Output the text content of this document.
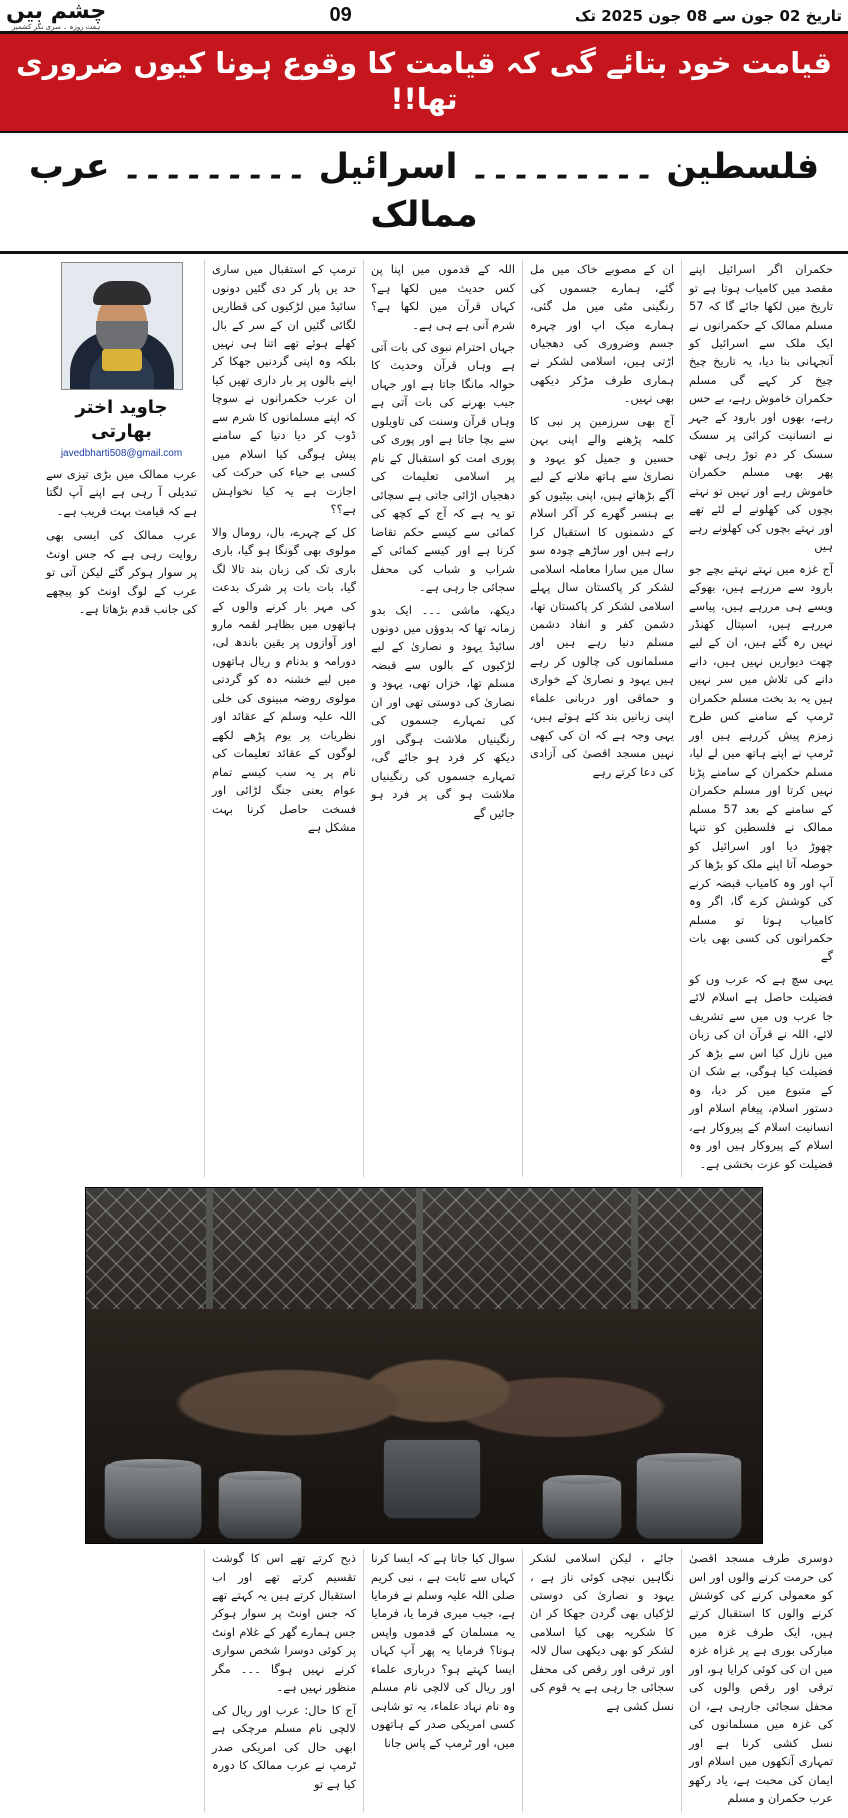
تاریخ 02 جون سے 08 جون 2025 تک
09
چشم بیں
ہفت روزہ ۔ سری نگر کشمیر
قیامت خود بتائے گی کہ قیامت کا وقوع ہونا کیوں ضروری تھا!!
فلسطین ۔۔۔۔۔۔۔۔۔ اسرائیل ۔۔۔۔۔۔۔۔۔ عرب ممالک

حکمران اگر اسرائیل اپنے مقصد میں کامیاب ہوتا ہے تو تاریخ میں لکھا جائے گا کہ 57 مسلم ممالک کے حکمرانوں نے ایک ملک سے اسرائیل کو آنجہانی بنا دیا، یہ تاریخ چیخ چیخ کر کہے گی مسلم حکمران خاموش رہے، بے حس رہے، بھوں اور بارود کے جہر نے انسانیت کرائی پر سسک سسک کر دم توڑ رہی تھی پھر بھی مسلم حکمران خاموش رہے اور نہیں تو نہتے بچوں کی کھلونے لے لئے تھے اور نہتے بچوں کی کھلونے رہے ہیں

آج غزہ میں نہتے نہتے بچے جو بارود سے مررہے ہیں، بھوکے ویسے ہی مررہے ہیں، پیاسے مررہے ہیں، اسپتال کھنڈر نہیں رہ گئے ہیں، ان کے لیے چھت دیواریں نہیں ہیں، دانے دانے کی تلاش میں سر نہیں ہیں یہ بد بخت مسلم حکمران ٹرمپ کے سامنے کس طرح زمزم پیش کررہے ہیں اور ٹرمپ نے اپنے ہاتھ میں لے لیا، مسلم حکمران کے سامنے پڑنا نہیں کرتا اور مسلم حکمران کے سامنے کے بعد 57 مسلم ممالک نے فلسطین کو تنہا چھوڑ دیا اور اسرائیل کو حوصلہ آتا اپنے ملک کو بڑھا کر آپ اور وہ کامیاب قبضہ کرنے کی کوشش کرے گا، اگر وہ کامیاب ہوتا تو مسلم حکمرانوں کی کسی بھی بات گے

یہی سچ ہے کہ عرب وں کو فضیلت حاصل ہے اسلام لائے جا عرب وں میں سے تشریف لائے، اللہ نے قرآن ان کی زبان میں نازل کیا اس سے بڑھ کر فضیلت کیا ہوگی، بے شک ان کے متبوع میں کر دیا، وہ دستور اسلام، پیغام اسلام اور انسانیت اسلام کے پیروکار ہے، اسلام کے پیروکار ہیں اور وہ فضیلت کو عزت بخشی ہے۔

ان کے مصوبے خاک میں مل گئے، ہمارے جسموں کی رنگینی مٹی میں مل گئی، ہمارے میک اپ اور چہرہ جسم وضروری کی دھجیاں اڑتی ہیں، اسلامی لشکر نے ہماری طرف مڑکر دیکھی بھی نہیں۔

آج بھی سرزمین پر نبی کا کلمہ پڑھنے والے اپنی بہن حسین و جمیل کو یہود و نصاریٰ سے ہاتھ ملانے کے لیے آگے بڑھاتے ہیں، اپنی بیٹیوں کو بے ہنسر گھرے کر آکر اسلام کے دشمنوں کا استقبال کرا رہے ہیں اور ساڑھے چودہ سو سال میں سارا معاملہ اسلامی لشکر کر پاکستان سال پہلے اسلامی لشکر کر پاکستان تھا، دشمن کفر و انفاد دشمن مسلم دنیا رہے ہیں اور مسلمانوں کی چالوں کر رہے ہیں یہود و نصاریٰ کے خواری و حماقی اور دربانی علماء اپنی زبانیں بند کئے ہوئے ہیں، یہی وجہ ہے کہ ان کی کبھی نہیں مسجد اقصیٰ کی آزادی کی دعا کرتے رہے

اللہ کے قدموں میں اپنا پن کس حدیث میں لکھا ہے؟ کہاں قرآن میں لکھا ہے؟ شرم آنی ہے ہی ہے۔

جہاں احترام نبوی کی بات آتی ہے وہاں قرآن وحدیث کا حوالہ مانگا جاتا ہے اور جہاں جیب بھرنے کی بات آتی ہے وہاں قرآن وسنت کی تاویلوں سے بچا جاتا ہے اور پوری کی پوری امت کو استقبال کے نام پر اسلامی تعلیمات کی دھجیاں اڑائی جاتی ہے سچائی تو یہ ہے کہ آج کے کچھ کی کمائی سے کیسے حکم تقاضا کرنا ہے اور کیسے کمائی کے شراب و شباب کی محفل سجائی جا رہی ہے۔

دیکھ، ماشی ۔۔۔ ایک بدو زمانہ تھا کہ بدوؤں میں دونوں سائیڈ یہود و نصاریٰ کے لیے لڑکیوں کے بالوں سے قبضہ مسلم تھا، خزاں تھی، یہود و نصاریٰ کی دوستی تھی اور ان کی تمہارے جسموں کی رنگینیاں ملاشت ہوگی اور دیکھ کر فرد ہو جائے گی، تمہارے جسموں کی رنگینیاں ملاشت ہو گی پر فرد ہو جائیں گے

ترمپ کے استقبال میں ساری حد یں پار کر دی گئیں دونوں سائیڈ میں لڑکیوں کی قطاریں لگائی گئیں ان کے سر کے بال کھلے ہوئے تھے اتنا ہی نہیں بلکہ وہ اپنی گردنیں جھکا کر اپنے بالوں پر بار داری تھیں کیا ان عرب حکمرانوں نے سوچا کہ اپنے مسلمانوں کا شرم سے ڈوب کر دیا دنیا کے سامنے پیش ہوگی کیا اسلام میں کسی بے حیاء کی حرکت کی اجازت ہے یہ کیا نخواہش ہے؟؟

کل کے چہرے، بال، رومال والا مولوی بھی گونگا ہو گیا، باری باری تک کی زبان بند تالا لگ گیا، بات بات پر شرک بدعت کی مہر بار کرنے والوں کے ہاتھوں میں بظاہر لقمہ مارو اور آوازوں پر یقین باندھ لی، دورامہ و بدنام و ریال ہاتھوں میں لیے خشنہ دہ کو گردنی مولوی روضہ مبینوی کی خلی اللہ علیہ وسلم کے عقائد اور نظریات پر یوم پڑھے لکھے لوگوں کے عقائد تعلیمات کی نام پر یہ سب کیسے تمام عوام یعنی جنگ لڑائی اور فسخت حاصل کرنا بہت مشکل ہے

جاوید اختر بھارتی
javedbharti508@gmail.com

عرب ممالک میں بڑی تیزی سے تبدیلی آ رہی ہے اپنے آپ لگتا ہے کہ قیامت بہت قریب ہے۔

عرب ممالک کی ایسی بھی روایت رہی ہے کہ جس اونٹ پر سوار ہوکر گئے لیکن آتی تو عرب کے لوگ اونٹ کو پیچھے کی جانب قدم بڑھاتا ہے۔

دوسری طرف مسجد اقصیٰ کی حرمت کرنے والوں اور اس کو معمولی کرنے کی کوشش کرنے والوں کا استقبال کرتے ہیں، ایک طرف غزہ میں مبارکی بوری ہے پر غزاہ غزہ میں ان کی کوئی کرایا ہو، اور ترقی اور رقص والوں کی محفل سجائی جارہی ہے، ان کی غزہ میں مسلمانوں کی نسل کشی کرنا ہے اور تمہاری آنکھوں میں اسلام اور ایمان کی محبت ہے، یاد رکھو عرب حکمران و مسلم

جائے ، لیکن اسلامی لشکر نگاہیں نیچی کوئی ناز ہے ، یہود و نصاریٰ کی دوستی لڑکیاں بھی گردن جھکا کر ان کا شکریہ بھی کیا اسلامی لشکر کو بھی دیکھی سال لالہ اور ترقی اور رقص کی محفل سجائی جا رہی ہے یہ قوم کی نسل کشی ہے

سوال کیا جاتا ہے کہ ایسا کرنا کہاں سے ثابت ہے ، نبی کریم صلی اللہ علیہ وسلم نے فرمایا ہے، جیب میری فرما یا، فرمایا یہ مسلمان کے قدموں واپس ہونا؟ فرمایا یہ پھر آپ کہاں ایسا کہتے ہو؟ درباری علماء اور ریال کی لالچی نام مسلم وہ نام نہاد علماء، یہ تو شاہی کسی امریکی صدر کے ہاتھوں میں، اور ٹرمپ کے پاس جانا

ذبح کرتے تھے اس کا گوشت تقسیم کرتے تھے اور اب استقبال کرتے ہیں یہ کہتے تھے کہ جس اونٹ پر سوار ہوکر جس ہمارے گھر کے غلام اونٹ پر کوئی دوسرا شخص سواری کرنے نہیں ہوگا ۔۔۔ مگر منظور نہیں ہے۔

آج کا حال: عرب اور ریال کی لالچی نام مسلم مرچکی ہے ابھی حال کی امریکی صدر ٹرمپ نے عرب ممالک کا دورہ کیا ہے تو
